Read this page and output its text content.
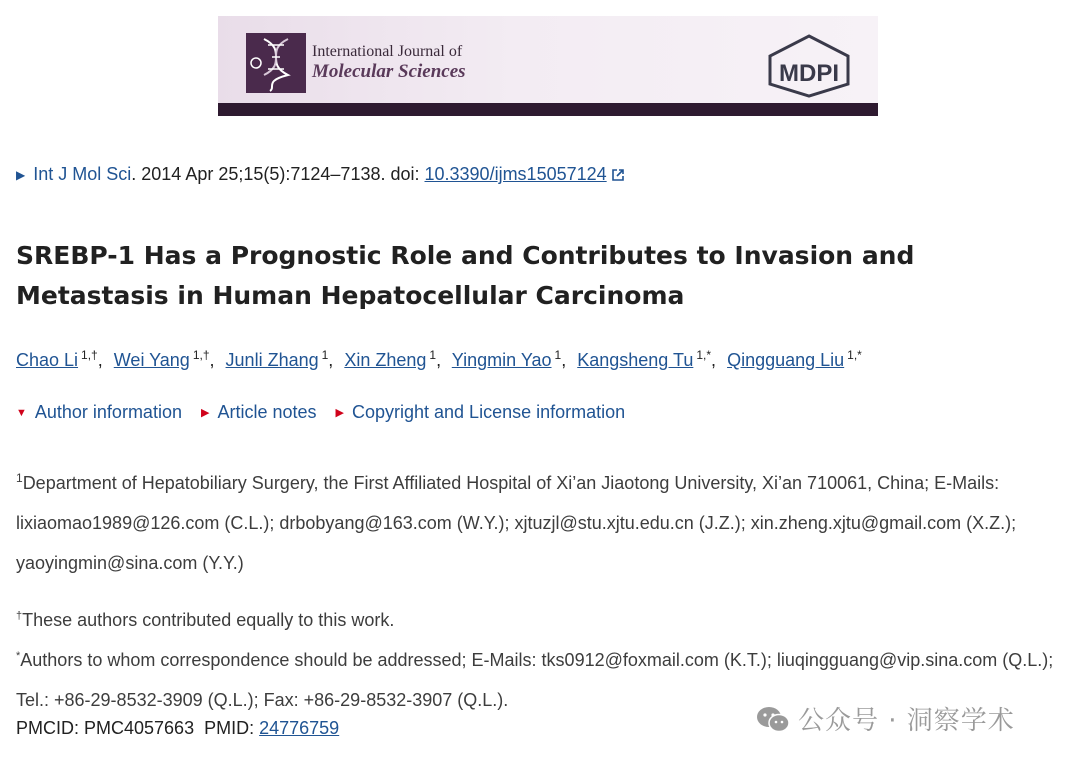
International Journal of
Molecular Sciences	MDPI
▶ Int J Mol Sci. 2014 Apr 25;15(5):7124–7138. doi: 10.3390/ijms15057124
SREBP-1 Has a Prognostic Role and Contributes to Invasion and Metastasis in Human Hepatocellular Carcinoma
Chao Li $^{1,\dagger}$, Wei Yang $^{1,\dagger}$, Junli Zhang $^1$, Xin Zheng $^1$, Yingmin Yao $^1$, Kangsheng Tu $^{1,*}$, Qingguang Liu $^{1,*}$
▼ Author information ▶ Article notes ▶ Copyright and License information
$^1$Department of Hepatobiliary Surgery, the First Affiliated Hospital of Xi’an Jiaotong University, Xi’an 710061, China; E-Mails: lixiaomao1989@126.com (C.L.); drbobyang@163.com (W.Y.); xjtuzjl@stu.xjtu.edu.cn (J.Z.); xin.zheng.xjtu@gmail.com (X.Z.); yaoyingmin@sina.com (Y.Y.)
†These authors contributed equally to this work.
*Authors to whom correspondence should be addressed; E-Mails: tks0912@foxmail.com (K.T.); liuqingguang@vip.sina.com (Q.L.); Tel.: +86-29-8532-3909 (Q.L.); Fax: +86-29-8532-3907 (Q.L.).
PMCID: PMC4057663 PMID: 24776759	公众号 · 洞察学术
